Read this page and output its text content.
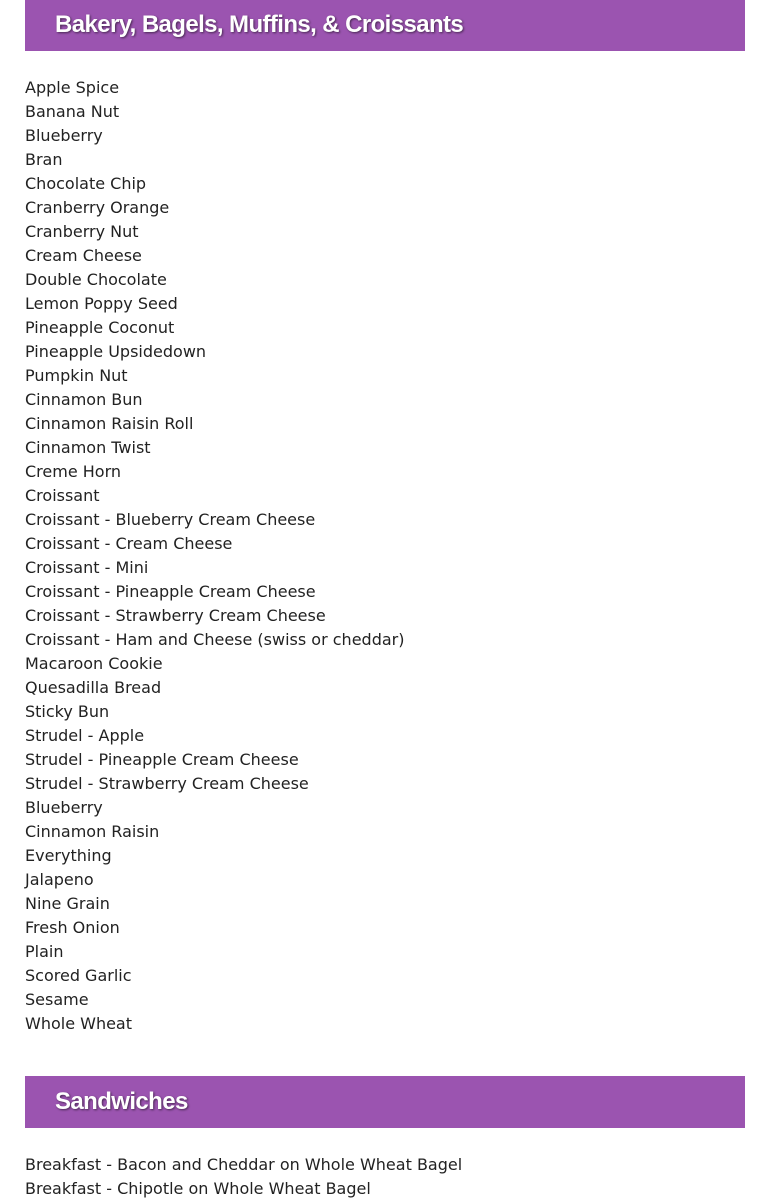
Bakery, Bagels, Muffins, & Croissants
Apple Spice
Banana Nut
Blueberry
Bran
Chocolate Chip
Cranberry Orange
Cranberry Nut
Cream Cheese
Double Chocolate
Lemon Poppy Seed
Pineapple Coconut
Pineapple Upsidedown
Pumpkin Nut
Cinnamon Bun
Cinnamon Raisin Roll
Cinnamon Twist
Creme Horn
Croissant
Croissant - Blueberry Cream Cheese
Croissant - Cream Cheese
Croissant - Mini
Croissant - Pineapple Cream Cheese
Croissant - Strawberry Cream Cheese
Croissant - Ham and Cheese (swiss or cheddar)
Macaroon Cookie
Quesadilla Bread
Sticky Bun
Strudel - Apple
Strudel - Pineapple Cream Cheese
Strudel - Strawberry Cream Cheese
Blueberry
Cinnamon Raisin
Everything
Jalapeno
Nine Grain
Fresh Onion
Plain
Scored Garlic
Sesame
Whole Wheat
Sandwiches
Breakfast - Bacon and Cheddar on Whole Wheat Bagel
Breakfast - Chipotle on Whole Wheat Bagel
